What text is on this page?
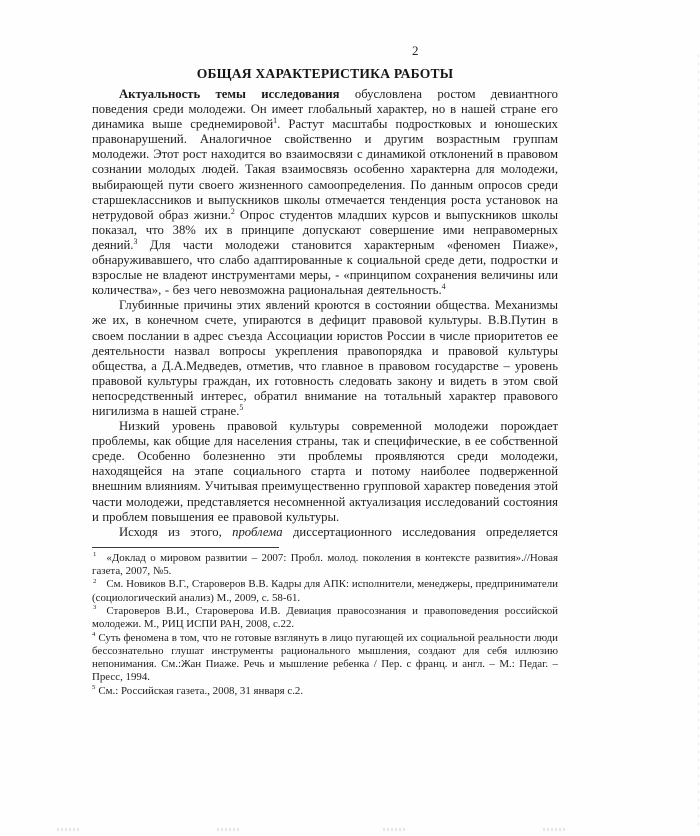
2
ОБЩАЯ ХАРАКТЕРИСТИКА РАБОТЫ

Актуальность темы исследования обусловлена ростом девиантного поведения среди молодежи. Он имеет глобальный характер, но в нашей стране его динамика выше среднемировой$^1$. Растут масштабы подростковых и юношеских правонарушений. Аналогичное свойственно и другим возрастным группам молодежи. Этот рост находится во взаимосвязи с динамикой отклонений в правовом сознании молодых людей. Такая взаимосвязь особенно характерна для молодежи, выбирающей пути своего жизненного самоопределения. По данным опросов среди старшеклассников и выпускников школы отмечается тенденция роста установок на нетрудовой образ жизни.$^2$ Опрос студентов младших курсов и выпускников школы показал, что 38% их в принципе допускают совершение ими неправомерных деяний.$^3$ Для части молодежи становится характерным «феномен Пиаже», обнаруживавшего, что слабо адаптированные к социальной среде дети, подростки и взрослые не владеют инструментами меры, - «принципом сохранения величины или количества», - без чего невозможна рациональная деятельность.$^4$

Глубинные причины этих явлений кроются в состоянии общества. Механизмы же их, в конечном счете, упираются в дефицит правовой культуры. В.В.Путин в своем послании в адрес съезда Ассоциации юристов России в числе приоритетов ее деятельности назвал вопросы укрепления правопорядка и правовой культуры общества, а Д.А.Медведев, отметив, что главное в правовом государстве – уровень правовой культуры граждан, их готовность следовать закону и видеть в этом свой непосредственный интерес, обратил внимание на тотальный характер правового нигилизма в нашей стране.$^5$

Низкий уровень правовой культуры современной молодежи порождает проблемы, как общие для населения страны, так и специфические, в ее собственной среде. Особенно болезненно эти проблемы проявляются среди молодежи, находящейся на этапе социального старта и потому наиболее подверженной внешним влияниям. Учитывая преимущественно групповой характер поведения этой части молодежи, представляется несомненной актуализация исследований состояния и проблем повышения ее правовой культуры.

Исходя из этого, проблема диссертационного исследования определяется

$^1$ «Доклад о мировом развитии – 2007: Пробл. молод. поколения в контексте развития».//Новая газета, 2007, №5.
$^2$ См. Новиков В.Г., Староверов В.В. Кадры для АПК: исполнители, менеджеры, предприниматели (социологический анализ) М., 2009, с. 58-61.
$^3$ Староверов В.И., Староверова И.В. Девиация правосознания и правоповедения российской молодежи. М., РИЦ ИСПИ РАН, 2008, с.22.
$^4$ Суть феномена в том, что не готовые взглянуть в лицо пугающей их социальной реальности люди бессознательно глушат инструменты рационального мышления, создают для себя иллюзию непонимания. См.:Жан Пиаже. Речь и мышление ребенка / Пер. с франц. и англ. – М.: Педаг. – Пресс, 1994.
$^5$ См.: Российская газета., 2008, 31 января с.2.
